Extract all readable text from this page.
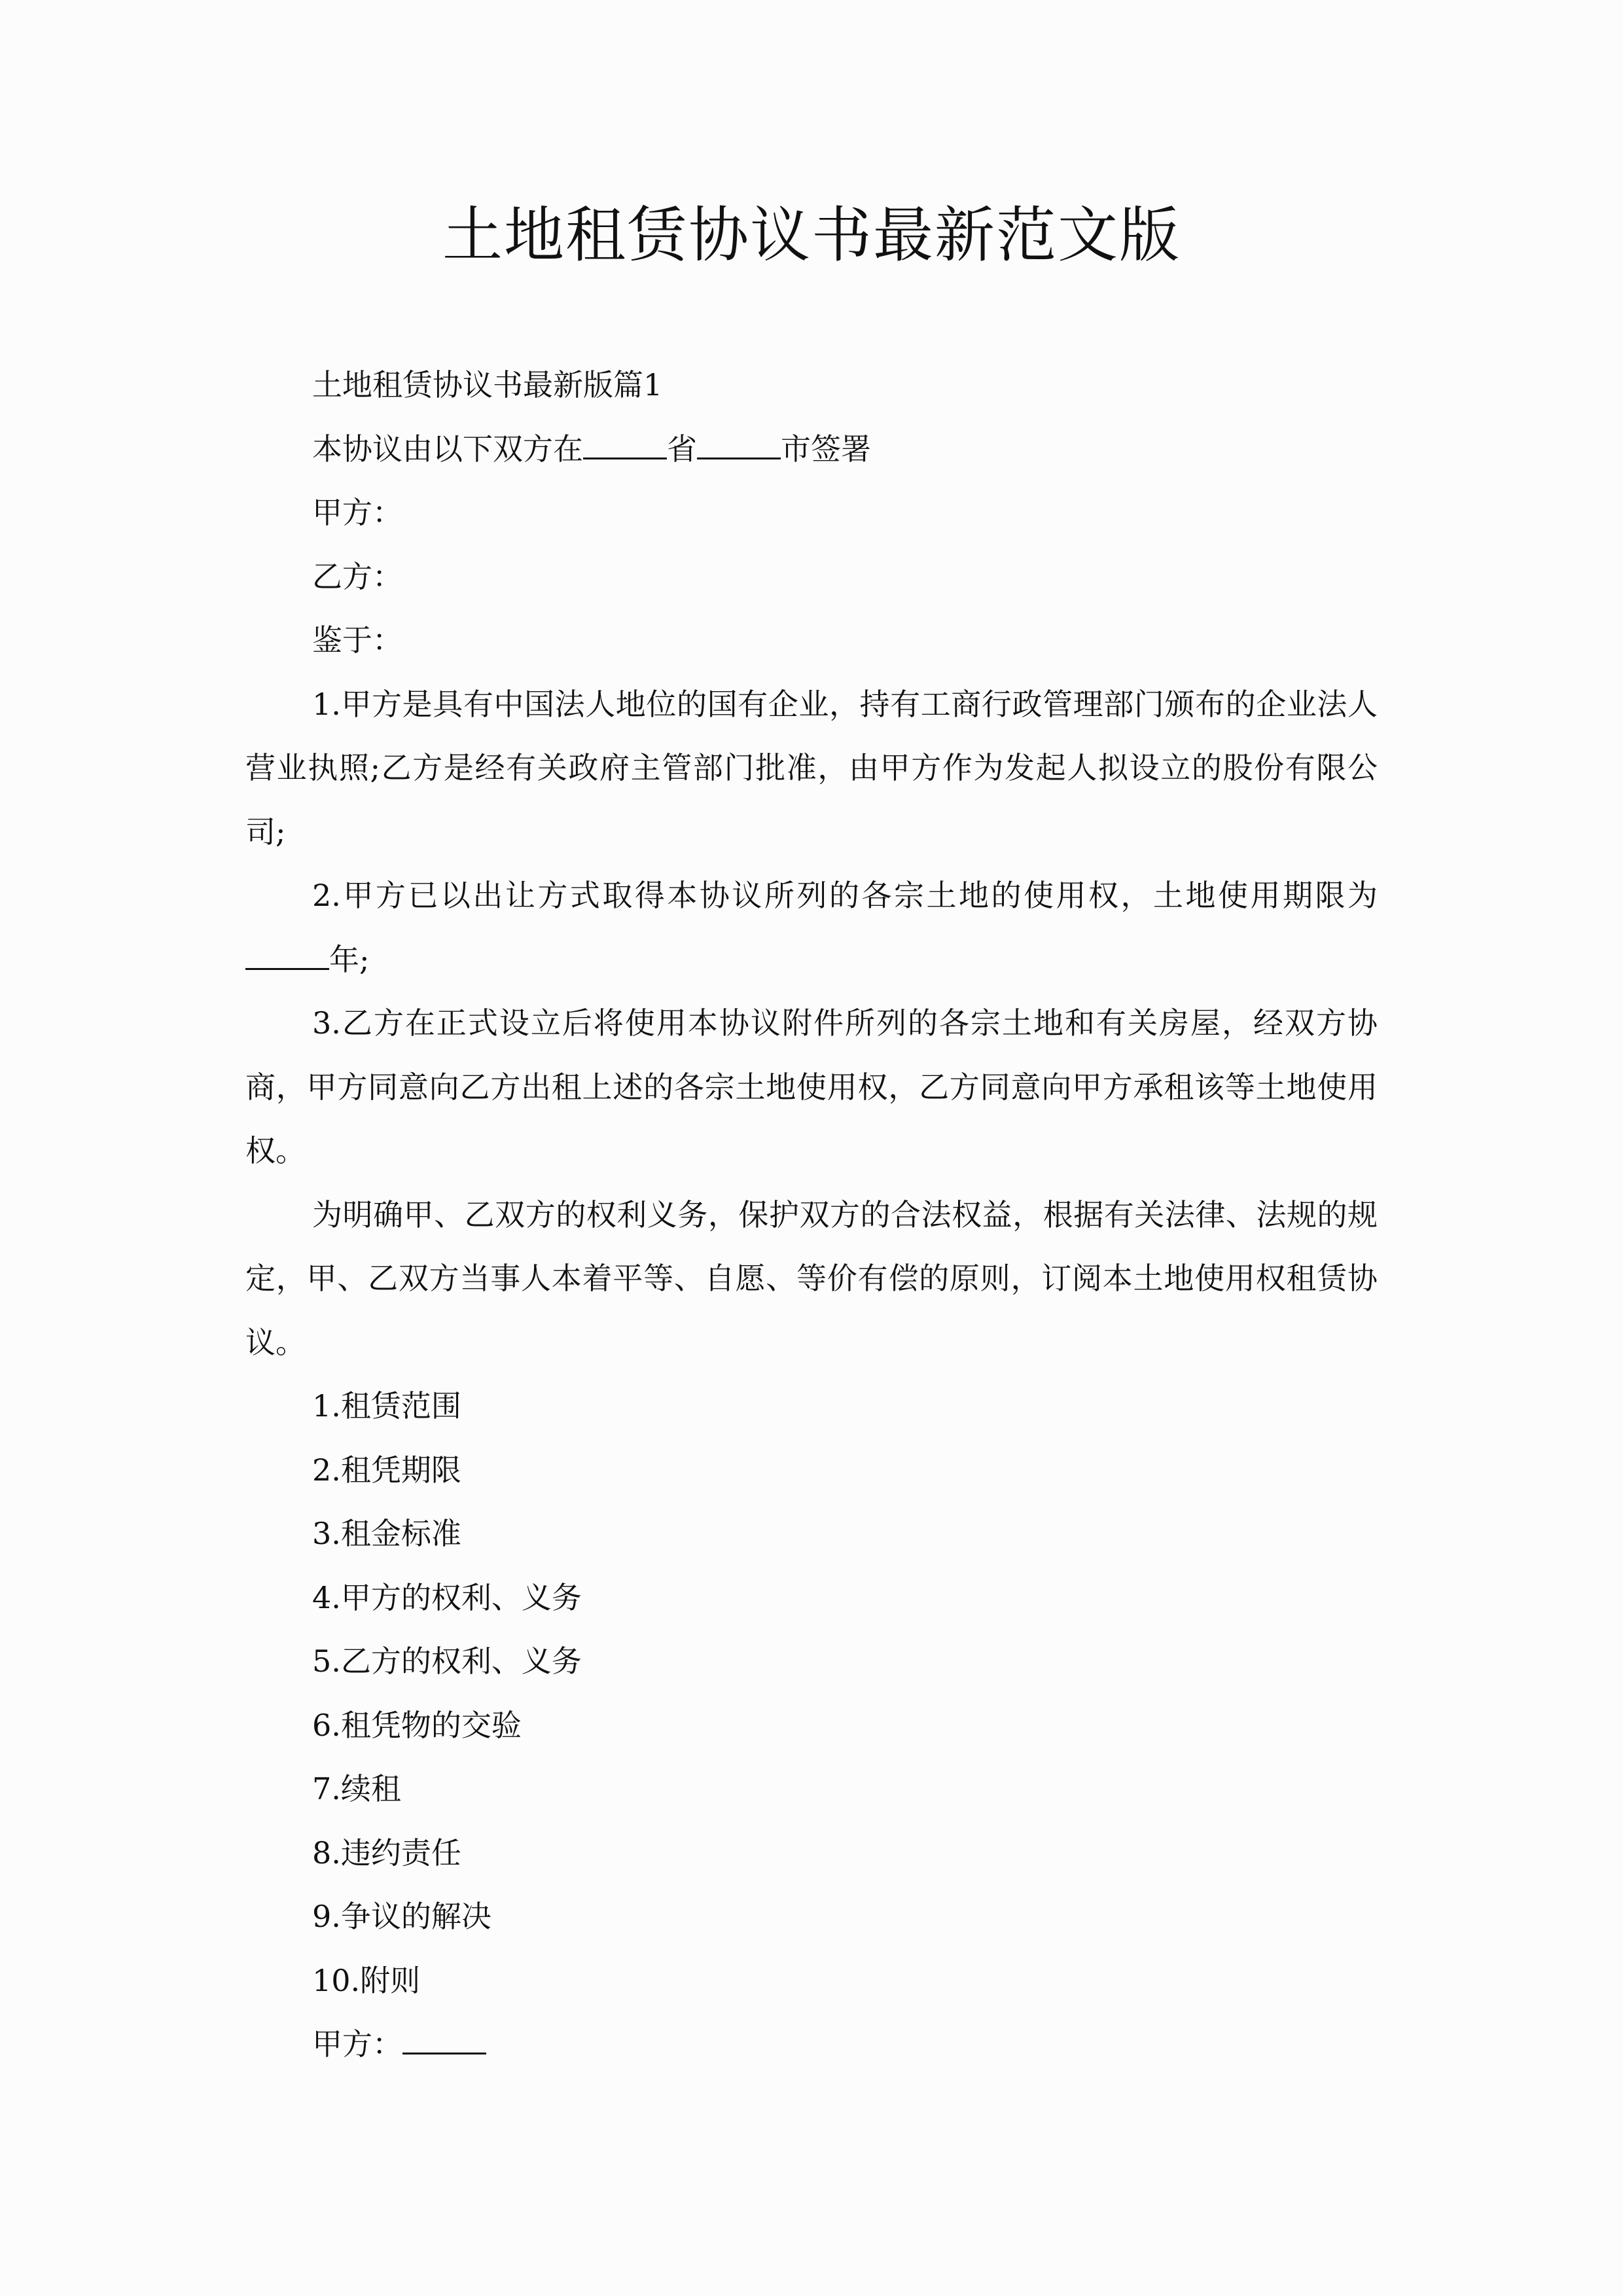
土地租赁协议书最新范文版

土地租赁协议书最新版篇1

本协议由以下双方在	省	市签署

甲方：

乙方：

鉴于：

1.甲方是具有中国法人地位的国有企业，持有工商行政管理部门颁布的企业法人营业执照;乙方是经有关政府主管部门批准，由甲方作为发起人拟设立的股份有限公司;

2.甲方已以出让方式取得本协议所列的各宗土地的使用权，土地使用期限为年;

3.乙方在正式设立后将使用本协议附件所列的各宗土地和有关房屋，经双方协商，甲方同意向乙方出租上述的各宗土地使用权，乙方同意向甲方承租该等土地使用权。

为明确甲、乙双方的权利义务，保护双方的合法权益，根据有关法律、法规的规定，甲、乙双方当事人本着平等、自愿、等价有偿的原则，订阅本土地使用权租赁协议。

1.租赁范围

2.租凭期限

3.租金标准

4.甲方的权利、义务

5.乙方的权利、义务

6.租凭物的交验

7.续租

8.违约责任

9.争议的解决

10.附则

甲方：
